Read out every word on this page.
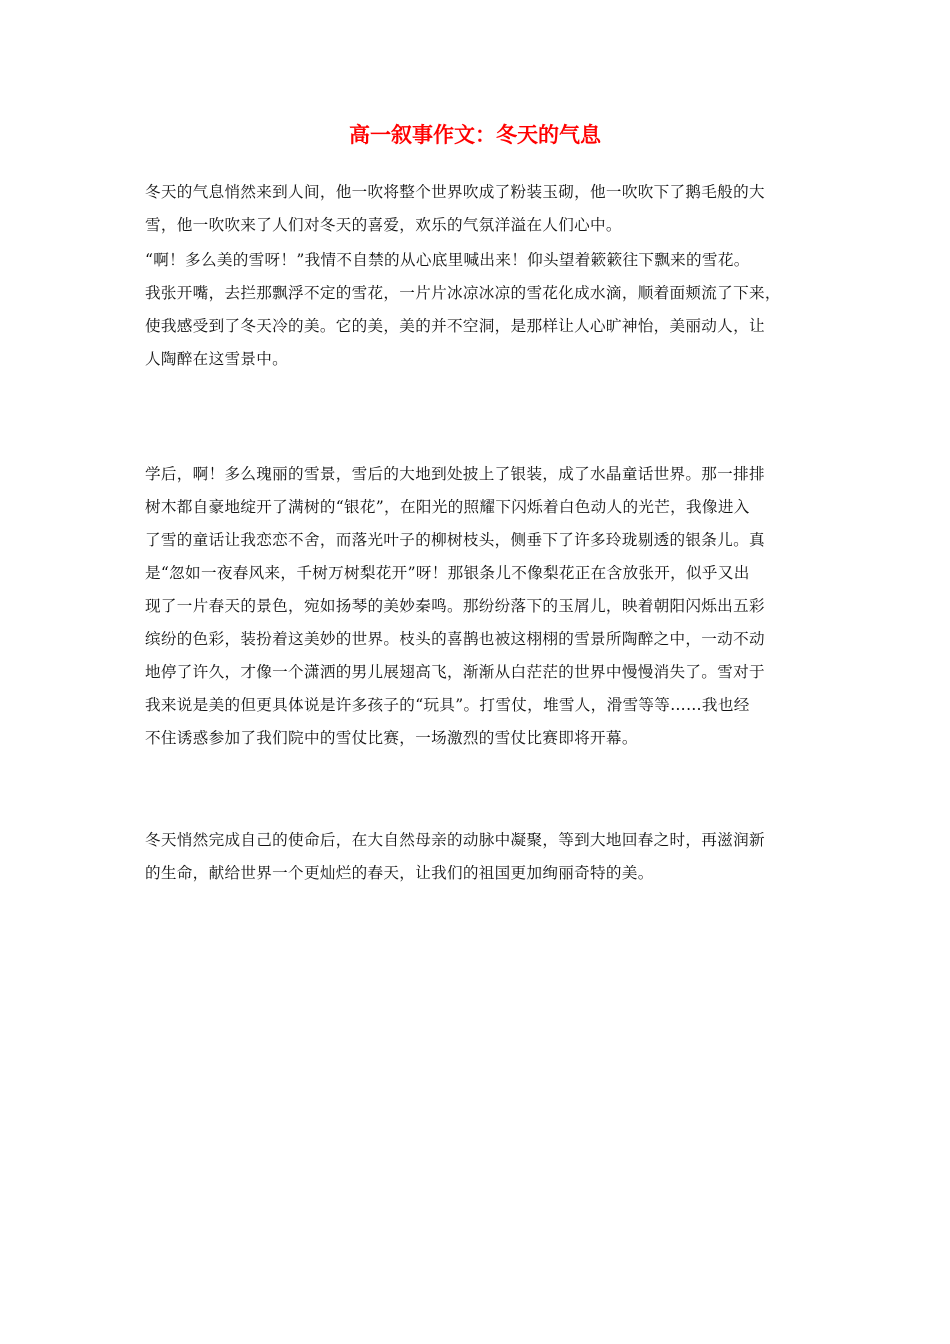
高一叙事作文：冬天的气息
冬天的气息悄然来到人间，他一吹将整个世界吹成了粉装玉砌，他一吹吹下了鹅毛般的大
雪，他一吹吹来了人们对冬天的喜爱，欢乐的气氛洋溢在人们心中。
“啊！多么美的雪呀！”我情不自禁的从心底里喊出来！仰头望着簌簌往下飘来的雪花。
我张开嘴，去拦那飘浮不定的雪花，一片片冰凉冰凉的雪花化成水滴，顺着面颊流了下来，
使我感受到了冬天冷的美。它的美，美的并不空洞，是那样让人心旷神怡，美丽动人，让
人陶醉在这雪景中。
学后，啊！多么瑰丽的雪景，雪后的大地到处披上了银装，成了水晶童话世界。那一排排
树木都自豪地绽开了满树的“银花”，在阳光的照耀下闪烁着白色动人的光芒，我像进入
了雪的童话让我恋恋不舍，而落光叶子的柳树枝头，侧垂下了许多玲珑剔透的银条儿。真
是“忽如一夜春风来，千树万树梨花开”呀！那银条儿不像梨花正在含放张开，似乎又出
现了一片春天的景色，宛如扬琴的美妙秦鸣。那纷纷落下的玉屑儿，映着朝阳闪烁出五彩
缤纷的色彩，装扮着这美妙的世界。枝头的喜鹊也被这栩栩的雪景所陶醉之中，一动不动
地停了许久，才像一个潇洒的男儿展翅高飞，渐渐从白茫茫的世界中慢慢消失了。雪对于
我来说是美的但更具体说是许多孩子的“玩具”。打雪仗，堆雪人，滑雪等等……我也经
不住诱惑参加了我们院中的雪仗比赛，一场激烈的雪仗比赛即将开幕。
冬天悄然完成自己的使命后，在大自然母亲的动脉中凝聚，等到大地回春之时，再滋润新
的生命，献给世界一个更灿烂的春天，让我们的祖国更加绚丽奇特的美。
